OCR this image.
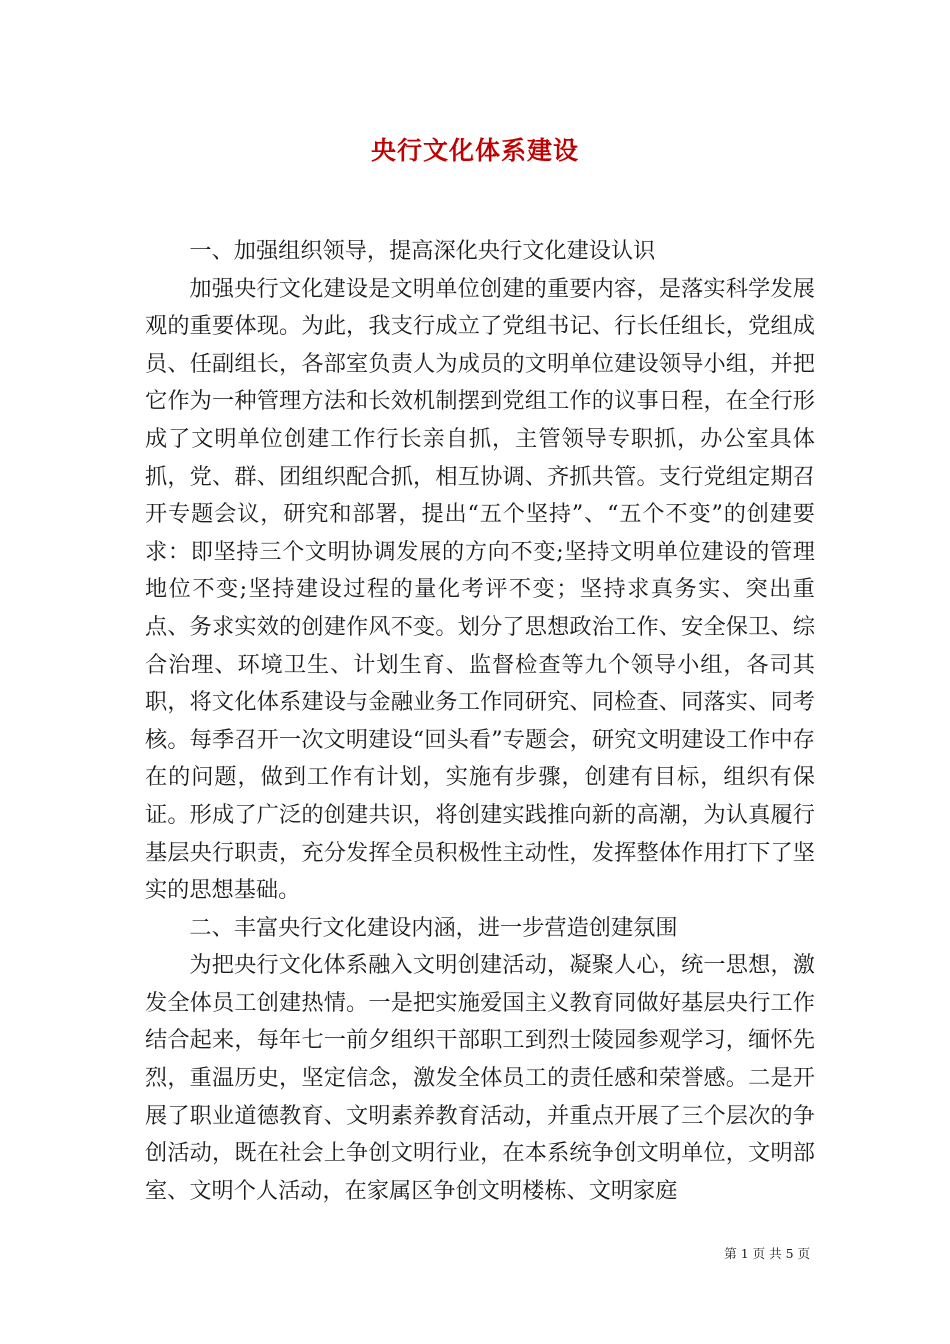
央行文化体系建设

一、加强组织领导，提高深化央行文化建设认识

加强央行文化建设是文明单位创建的重要内容，是落实科学发展观的重要体现。为此，我支行成立了党组书记、行长任组长，党组成员、任副组长，各部室负责人为成员的文明单位建设领导小组，并把它作为一种管理方法和长效机制摆到党组工作的议事日程，在全行形成了文明单位创建工作行长亲自抓，主管领导专职抓，办公室具体抓，党、群、团组织配合抓，相互协调、齐抓共管。支行党组定期召开专题会议，研究和部署，提出“五个坚持”、“五个不变”的创建要求：即坚持三个文明协调发展的方向不变;坚持文明单位建设的管理地位不变;坚持建设过程的量化考评不变；坚持求真务实、突出重点、务求实效的创建作风不变。划分了思想政治工作、安全保卫、综合治理、环境卫生、计划生育、监督检查等九个领导小组，各司其职，将文化体系建设与金融业务工作同研究、同检查、同落实、同考核。每季召开一次文明建设“回头看”专题会，研究文明建设工作中存在的问题，做到工作有计划，实施有步骤，创建有目标，组织有保证。形成了广泛的创建共识，将创建实践推向新的高潮，为认真履行基层央行职责，充分发挥全员积极性主动性，发挥整体作用打下了坚实的思想基础。

二、丰富央行文化建设内涵，进一步营造创建氛围

为把央行文化体系融入文明创建活动，凝聚人心，统一思想，激发全体员工创建热情。一是把实施爱国主义教育同做好基层央行工作结合起来，每年七一前夕组织干部职工到烈士陵园参观学习，缅怀先烈，重温历史，坚定信念，激发全体员工的责任感和荣誉感。二是开展了职业道德教育、文明素养教育活动，并重点开展了三个层次的争创活动，既在社会上争创文明行业，在本系统争创文明单位，文明部室、文明个人活动，在家属区争创文明楼栋、文明家庭

第 1 页 共 5 页
